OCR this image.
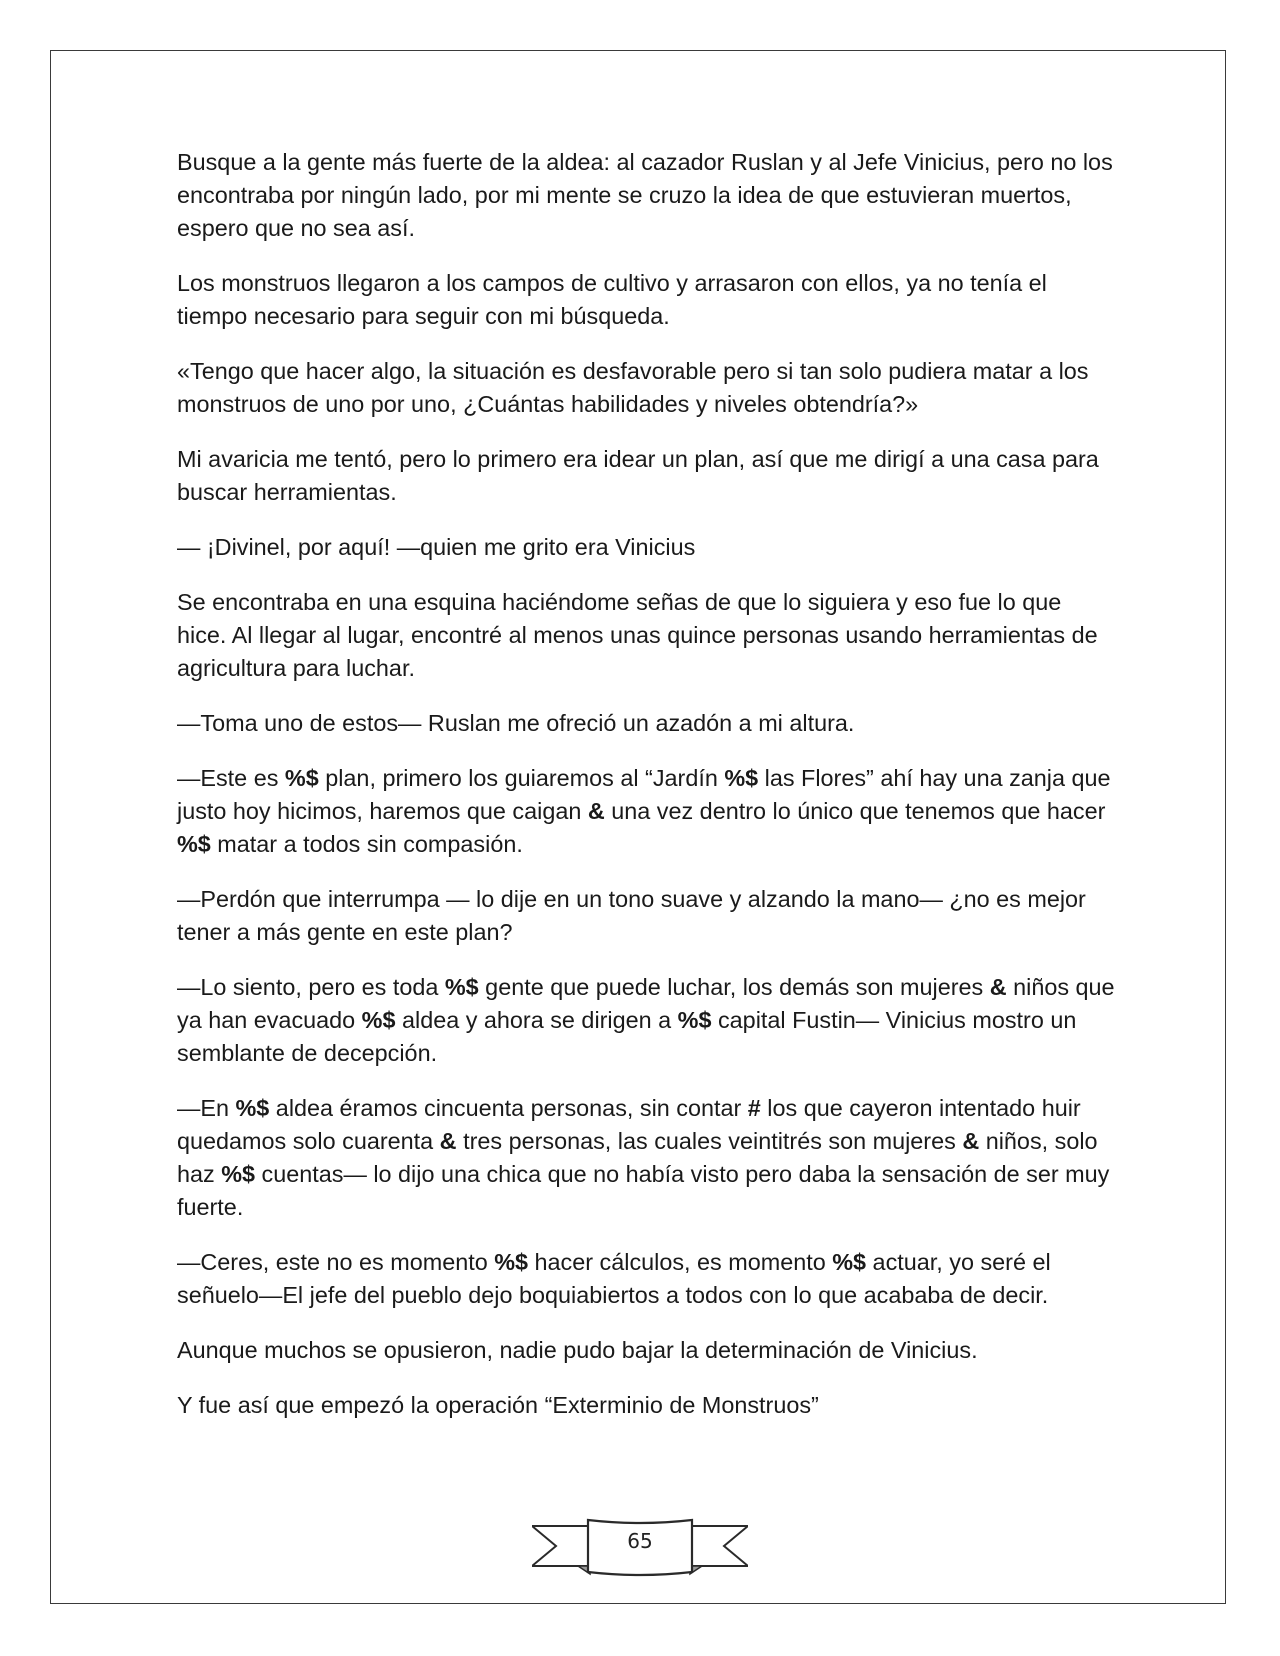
Busque a la gente más fuerte de la aldea: al cazador Ruslan y al Jefe Vinicius, pero no los encontraba por ningún lado, por mi mente se cruzo la idea de que estuvieran muertos, espero que no sea así.

Los monstruos llegaron a los campos de cultivo y arrasaron con ellos, ya no tenía el tiempo necesario para seguir con mi búsqueda.

«Tengo que hacer algo, la situación es desfavorable pero si tan solo pudiera matar a los monstruos de uno por uno, ¿Cuántas habilidades y niveles obtendría?»

Mi avaricia me tentó, pero lo primero era idear un plan, así que me dirigí a una casa para buscar herramientas.

— ¡Divinel, por aquí! —quien me grito era Vinicius

Se encontraba en una esquina haciéndome señas de que lo siguiera y eso fue lo que hice. Al llegar al lugar, encontré al menos unas quince personas usando herramientas de agricultura para luchar.

—Toma uno de estos— Ruslan me ofreció un azadón a mi altura.

—Este es %$ plan, primero los guiaremos al “Jardín %$ las Flores” ahí hay una zanja que justo hoy hicimos, haremos que caigan & una vez dentro lo único que tenemos que hacer %$ matar a todos sin compasión.

—Perdón que interrumpa — lo dije en un tono suave y alzando la mano— ¿no es mejor tener a más gente en este plan?

—Lo siento, pero es toda %$ gente que puede luchar, los demás son mujeres & niños que ya han evacuado %$ aldea y ahora se dirigen a %$ capital Fustin— Vinicius mostro un semblante de decepción.

—En %$ aldea éramos cincuenta personas, sin contar # los que cayeron intentado huir quedamos solo cuarenta & tres personas, las cuales veintitrés son mujeres & niños, solo haz %$ cuentas— lo dijo una chica que no había visto pero daba la sensación de ser muy fuerte.

—Ceres, este no es momento %$ hacer cálculos, es momento %$ actuar, yo seré el señuelo—El jefe del pueblo dejo boquiabiertos a todos con lo que acababa de decir.

Aunque muchos se opusieron, nadie pudo bajar la determinación de Vinicius.

Y fue así que empezó la operación “Exterminio de Monstruos”

65
